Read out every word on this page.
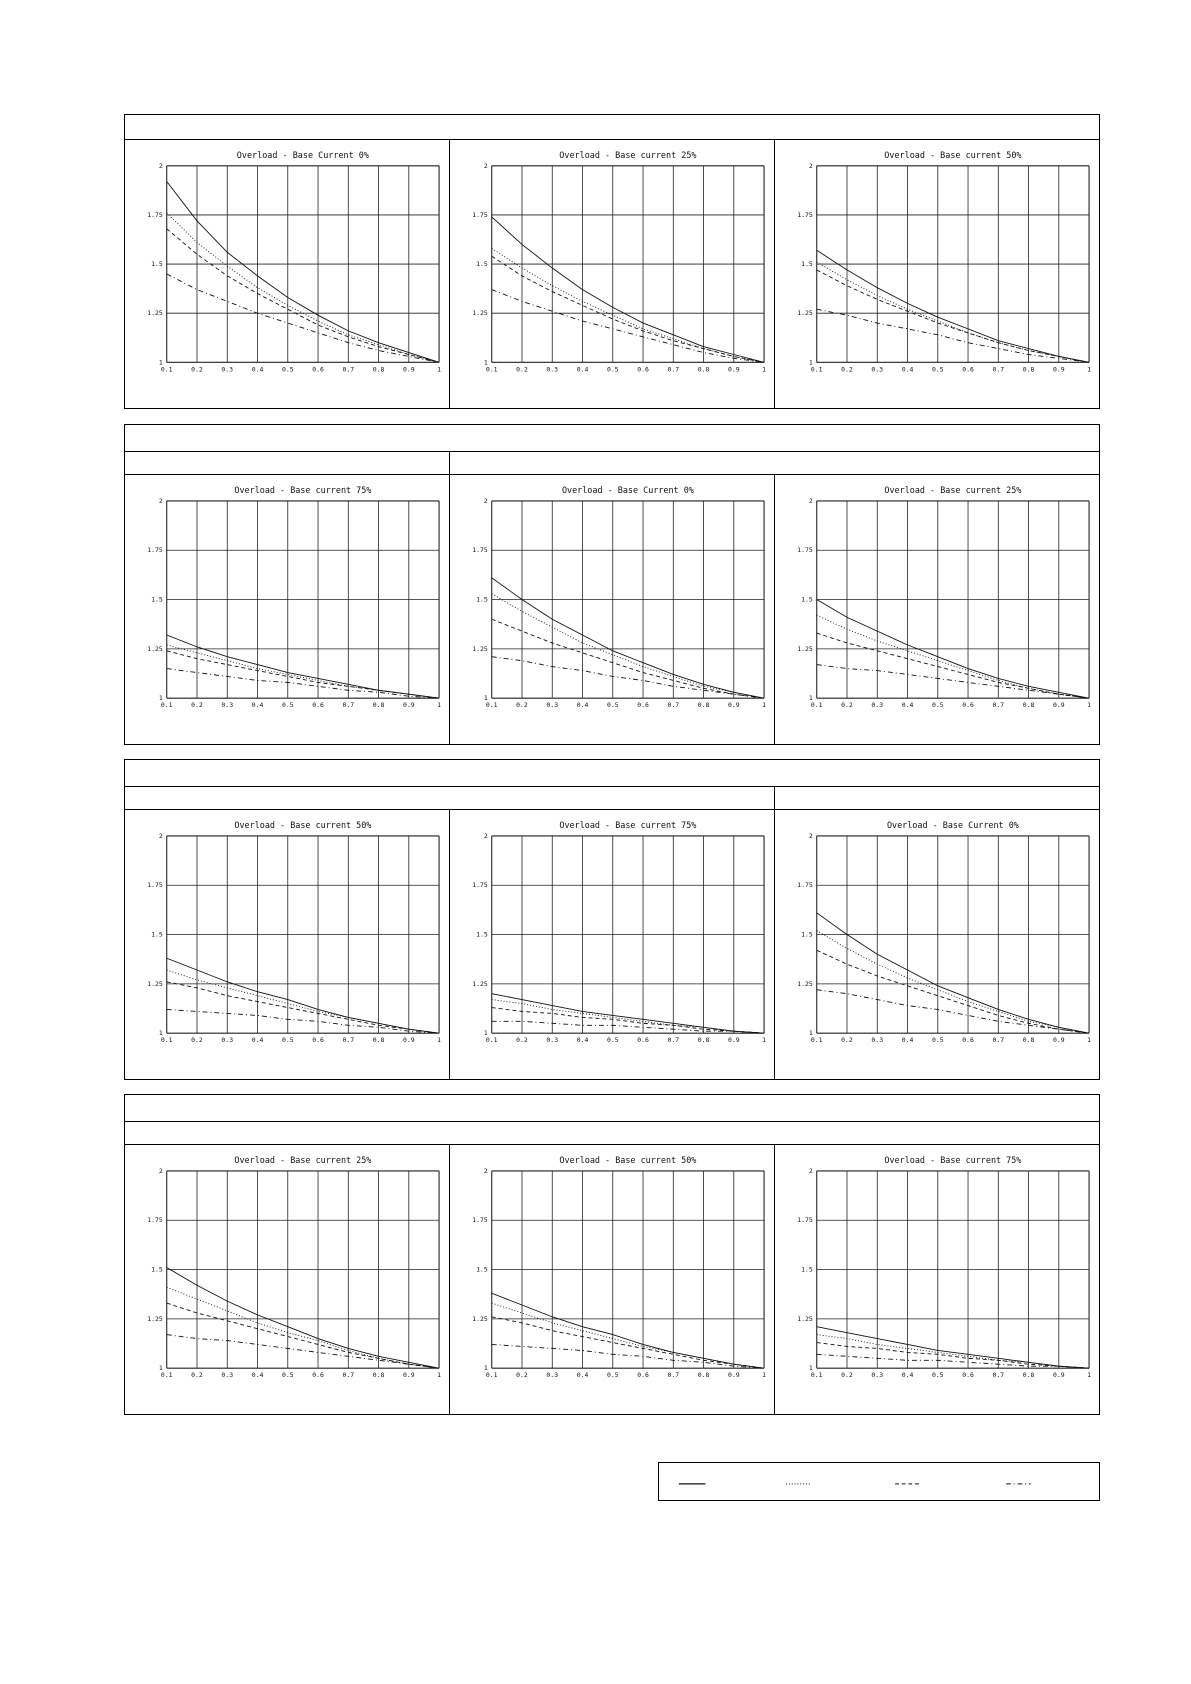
Overload - Base Current 0%
0.1	0.2	0.3	0.4	0.5	0.6	0.7	0.8	0.9	1
1
1.25
1.5
1.75
2
Overload - Base current 25%
0.1	0.2	0.3	0.4	0.5	0.6	0.7	0.8	0.9	1
1
1.25
1.5
1.75
2
Overload - Base current 50%
0.1	0.2	0.3	0.4	0.5	0.6	0.7	0.8	0.9	1
1
1.25
1.5
1.75
2
Overload - Base current 75%
0.1	0.2	0.3	0.4	0.5	0.6	0.7	0.8	0.9	1
1
1.25
1.5
1.75
2
Overload - Base Current 0%
0.1	0.2	0.3	0.4	0.5	0.6	0.7	0.8	0.9	1
1
1.25
1.5
1.75
2
Overload - Base current 25%
0.1	0.2	0.3	0.4	0.5	0.6	0.7	0.8	0.9	1
1
1.25
1.5
1.75
2
Overload - Base current 50%
0.1	0.2	0.3	0.4	0.5	0.6	0.7	0.8	0.9	1
1
1.25
1.5
1.75
2
Overload - Base current 75%
0.1	0.2	0.3	0.4	0.5	0.6	0.7	0.8	0.9	1
1
1.25
1.5
1.75
2
Overload - Base Current 0%
0.1	0.2	0.3	0.4	0.5	0.6	0.7	0.8	0.9	1
1
1.25
1.5
1.75
2
Overload - Base current 25%
0.1	0.2	0.3	0.4	0.5	0.6	0.7	0.8	0.9	1
1
1.25
1.5
1.75
2
Overload - Base current 50%
0.1	0.2	0.3	0.4	0.5	0.6	0.7	0.8	0.9	1
1
1.25
1.5
1.75
2
Overload - Base current 75%
0.1	0.2	0.3	0.4	0.5	0.6	0.7	0.8	0.9	1
1
1.25
1.5
1.75
2
